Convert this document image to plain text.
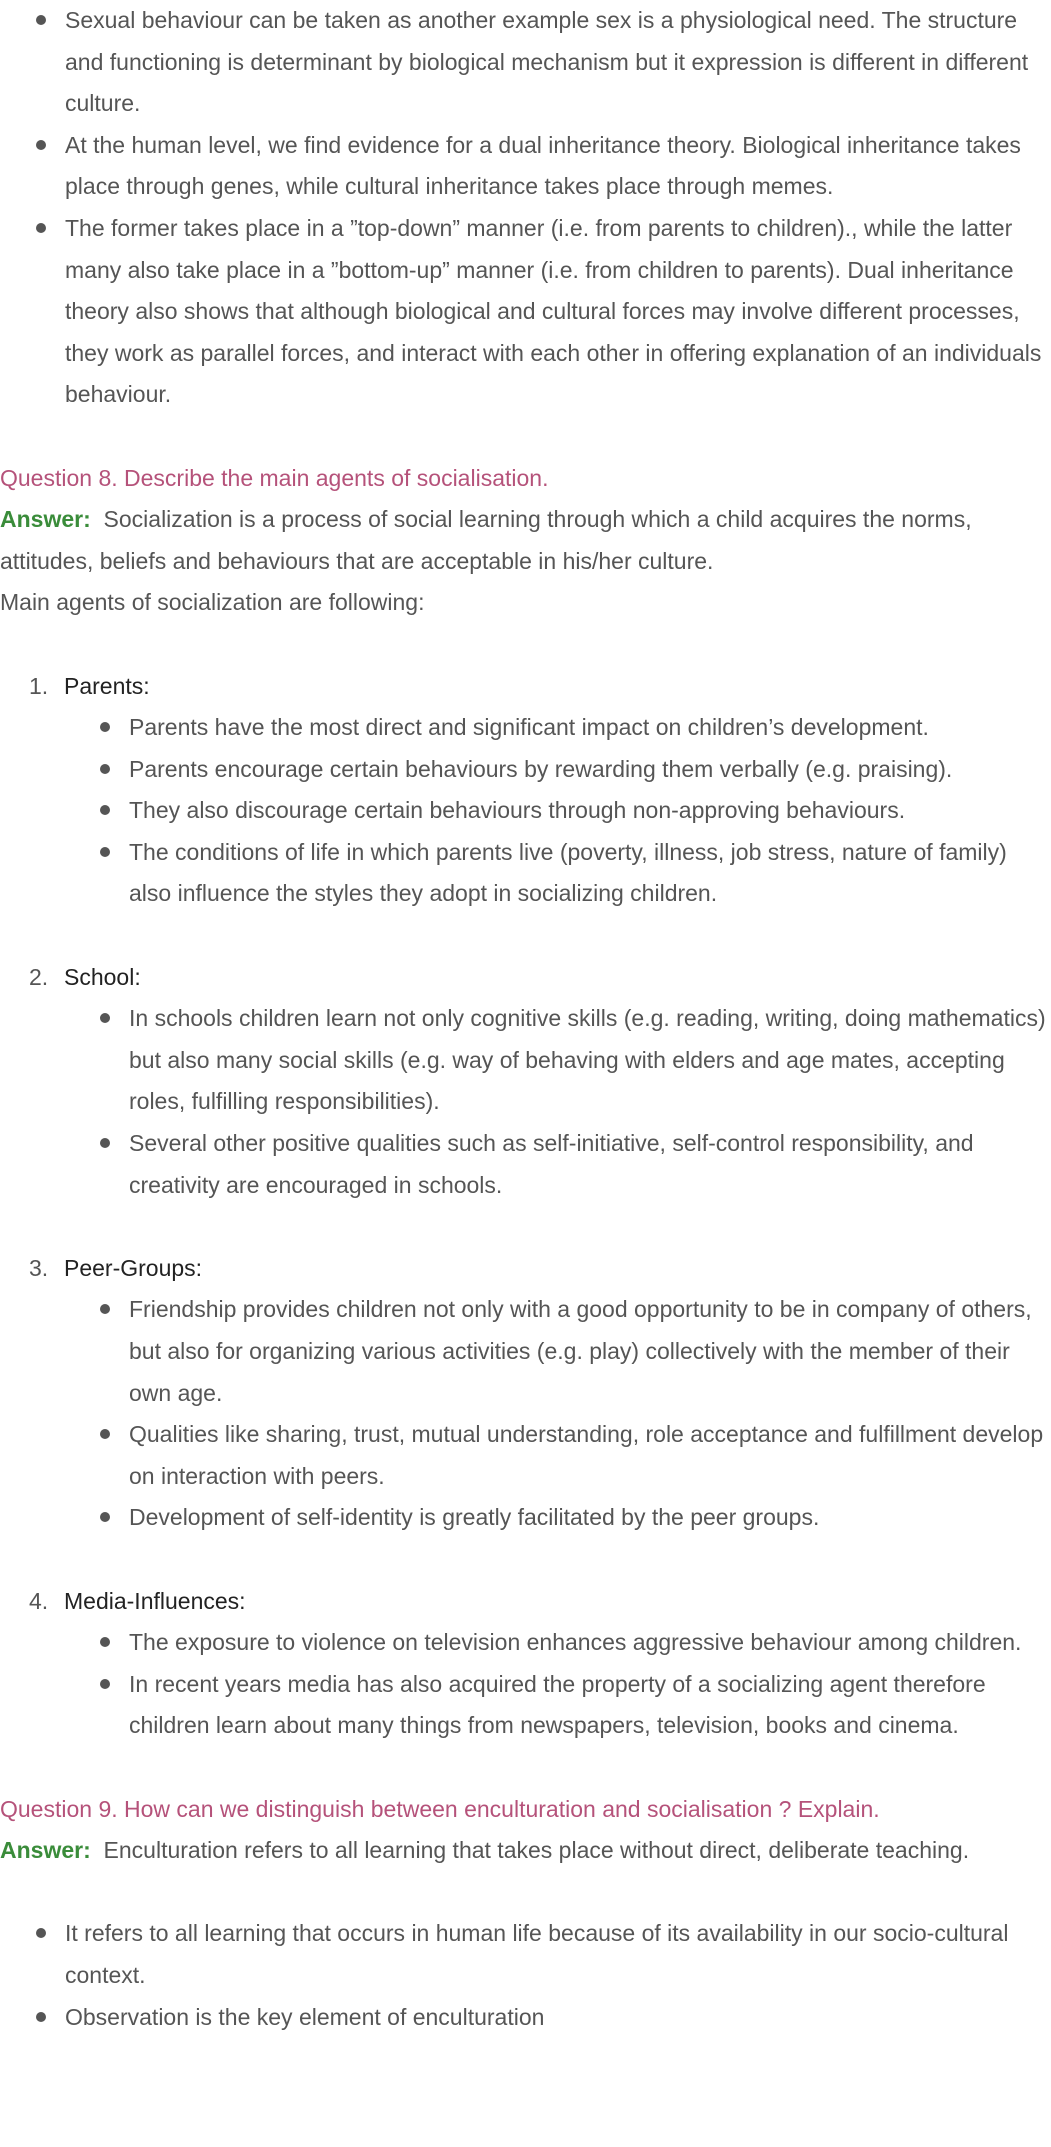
Sexual behaviour can be taken as another example sex is a physiological need. The structure and functioning is determinant by biological mechanism but it expression is different in different culture.
At the human level, we find evidence for a dual inheritance theory. Biological inheritance takes place through genes, while cultural inheritance takes place through memes.
The former takes place in a ”top-down” manner (i.e. from parents to children)., while the latter many also take place in a ”bottom-up” manner (i.e. from children to parents). Dual inheritance theory also shows that although biological and cultural forces may involve different processes, they work as parallel forces, and interact with each other in offering explanation of an individuals behaviour.
Question 8. Describe the main agents of socialisation.
Answer: Socialization is a process of social learning through which a child acquires the norms, attitudes, beliefs and behaviours that are acceptable in his/her culture.
Main agents of socialization are following:
1. Parents:
Parents have the most direct and significant impact on children’s development.
Parents encourage certain behaviours by rewarding them verbally (e.g. praising).
They also discourage certain behaviours through non-approving behaviours.
The conditions of life in which parents live (poverty, illness, job stress, nature of family) also influence the styles they adopt in socializing children.
2. School:
In schools children learn not only cognitive skills (e.g. reading, writing, doing mathematics) but also many social skills (e.g. way of behaving with elders and age mates, accepting roles, fulfilling responsibilities).
Several other positive qualities such as self-initiative, self-control responsibility, and creativity are encouraged in schools.
3. Peer-Groups:
Friendship provides children not only with a good opportunity to be in company of others, but also for organizing various activities (e.g. play) collectively with the member of their own age.
Qualities like sharing, trust, mutual understanding, role acceptance and fulfillment develop on interaction with peers.
Development of self-identity is greatly facilitated by the peer groups.
4. Media-Influences:
The exposure to violence on television enhances aggressive behaviour among children.
In recent years media has also acquired the property of a socializing agent therefore children learn about many things from newspapers, television, books and cinema.
Question 9. How can we distinguish between enculturation and socialisation ? Explain.
Answer: Enculturation refers to all learning that takes place without direct, deliberate teaching.
It refers to all learning that occurs in human life because of its availability in our socio-cultural context.
Observation is the key element of enculturation
